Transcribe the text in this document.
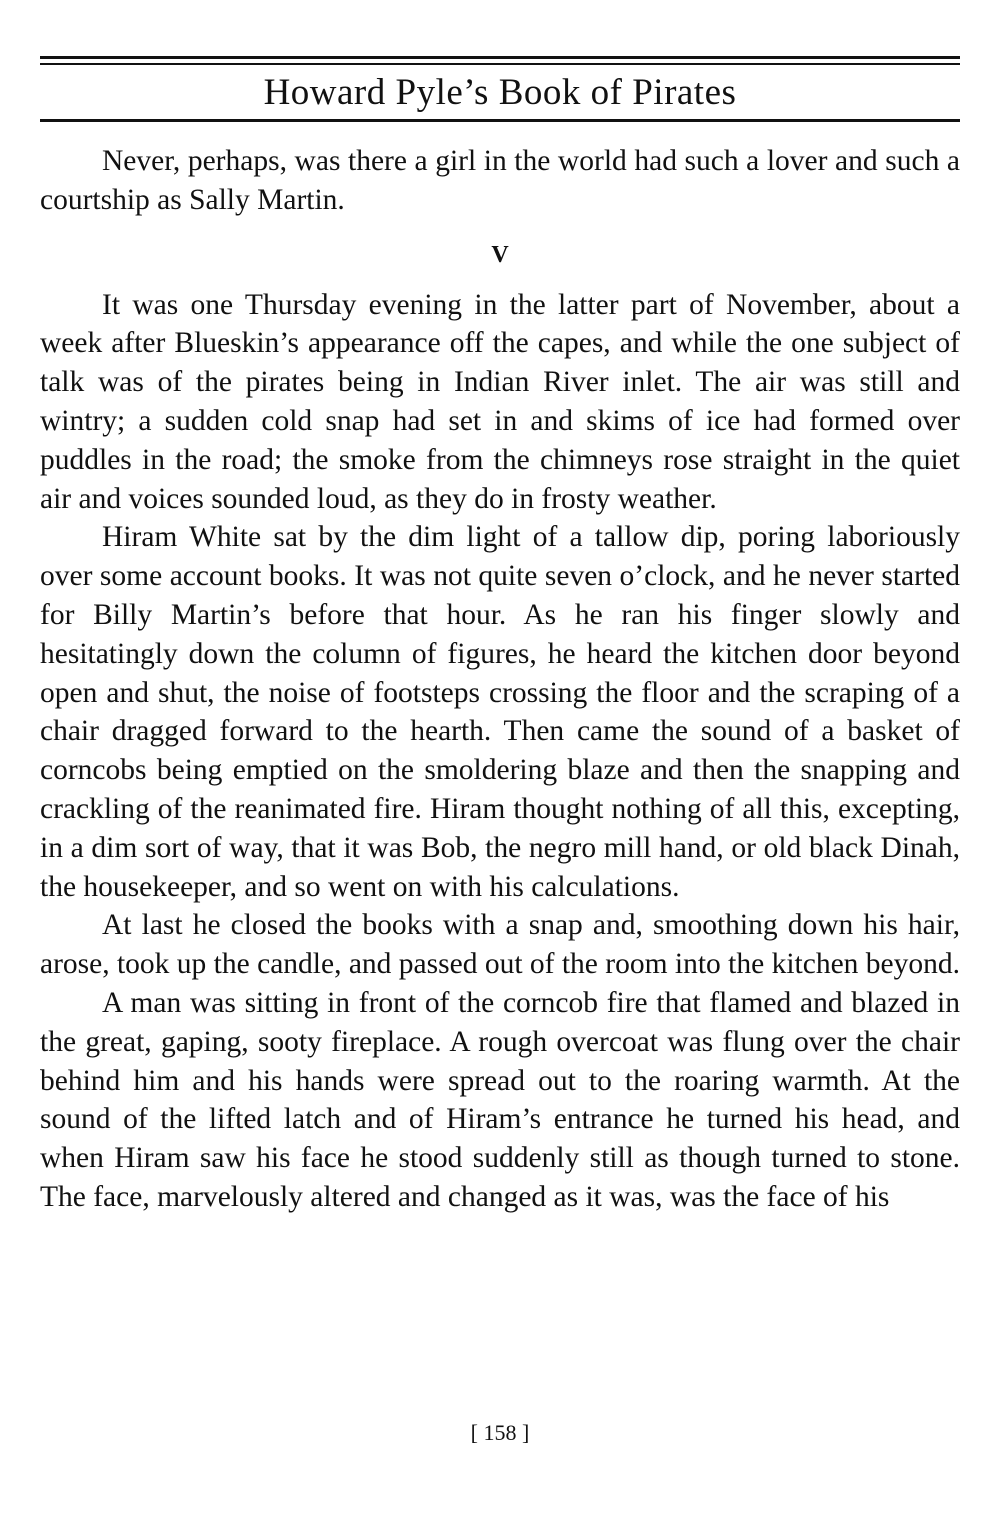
Howard Pyle’s Book of Pirates

Never, perhaps, was there a girl in the world had such a lover and such a courtship as Sally Martin.

V

It was one Thursday evening in the latter part of November, about a week after Blueskin’s appearance off the capes, and while the one subject of talk was of the pirates being in Indian River inlet. The air was still and wintry; a sudden cold snap had set in and skims of ice had formed over puddles in the road; the smoke from the chimneys rose straight in the quiet air and voices sounded loud, as they do in frosty weather.

Hiram White sat by the dim light of a tallow dip, poring laboriously over some account books. It was not quite seven o’clock, and he never started for Billy Martin’s before that hour. As he ran his finger slowly and hesitatingly down the column of figures, he heard the kitchen door beyond open and shut, the noise of footsteps crossing the floor and the scraping of a chair dragged forward to the hearth. Then came the sound of a basket of corncobs being emptied on the smoldering blaze and then the snapping and crackling of the reanimated fire. Hiram thought nothing of all this, excepting, in a dim sort of way, that it was Bob, the negro mill hand, or old black Dinah, the housekeeper, and so went on with his calculations.

At last he closed the books with a snap and, smoothing down his hair, arose, took up the candle, and passed out of the room into the kitchen beyond.

A man was sitting in front of the corncob fire that flamed and blazed in the great, gaping, sooty fireplace. A rough overcoat was flung over the chair behind him and his hands were spread out to the roaring warmth. At the sound of the lifted latch and of Hiram’s entrance he turned his head, and when Hiram saw his face he stood suddenly still as though turned to stone. The face, marvelously altered and changed as it was, was the face of his

[ 158 ]
